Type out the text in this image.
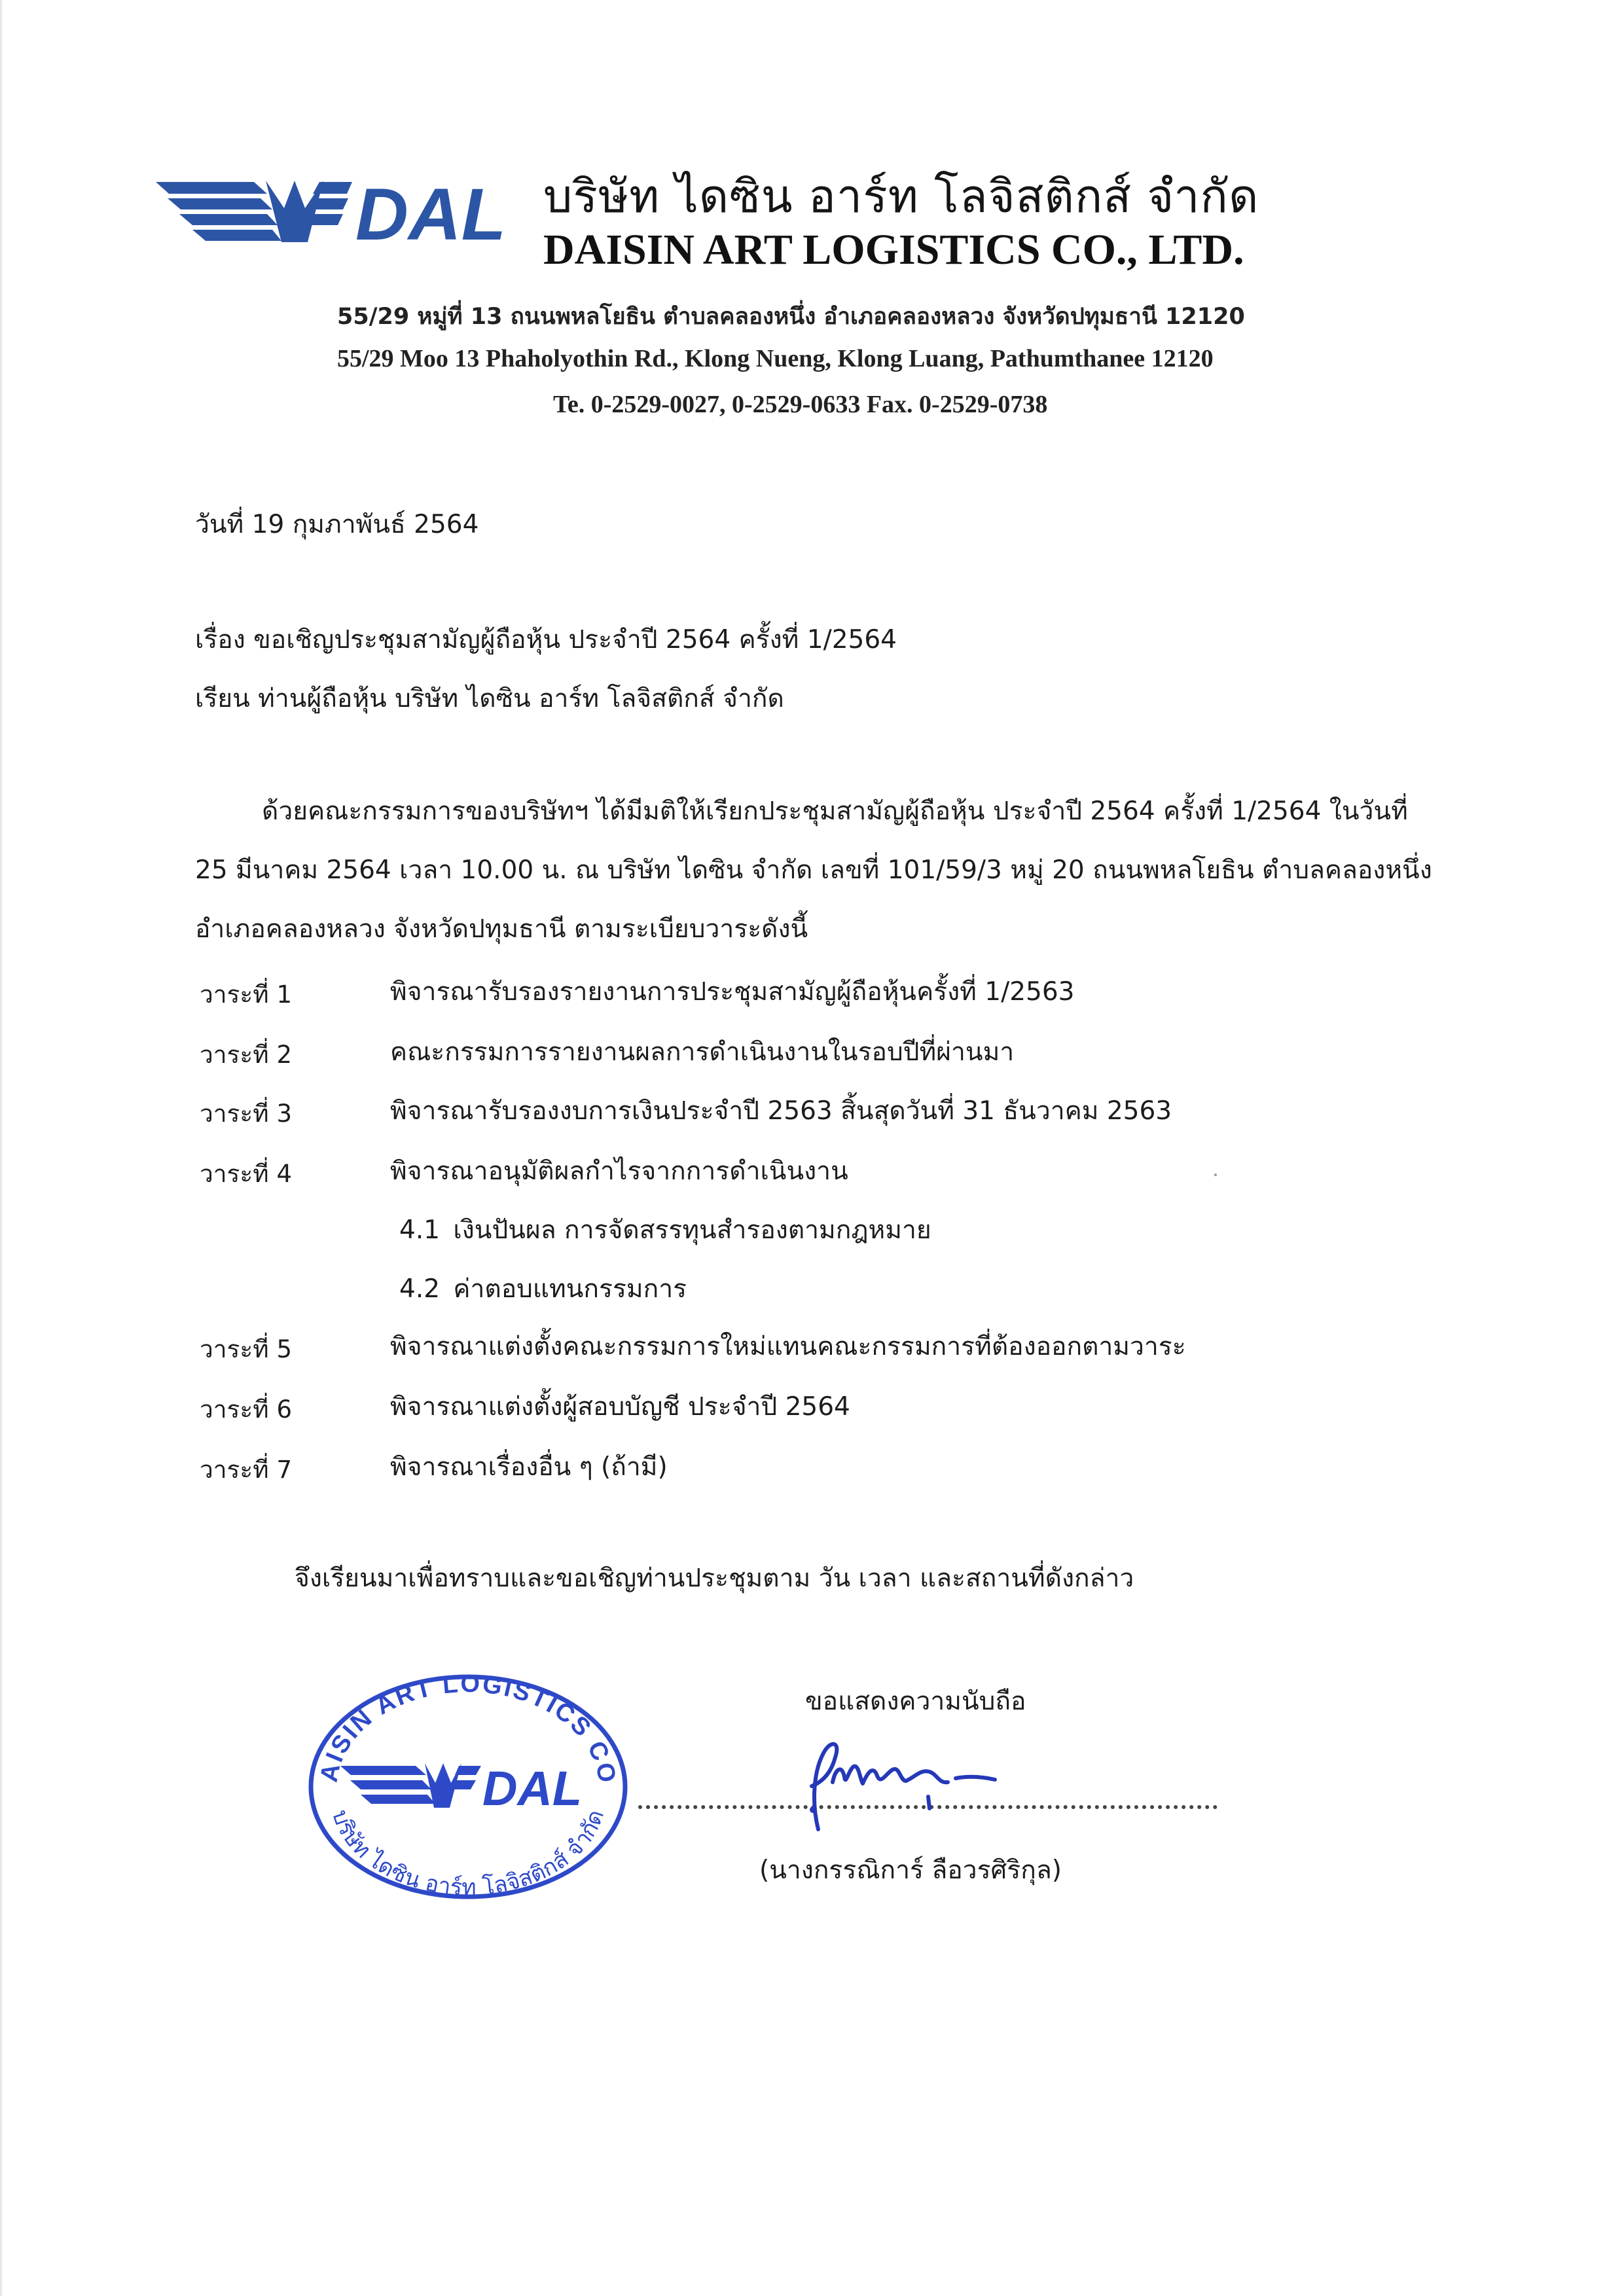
DAL บริษัท ไดซิน อาร์ท โลจิสติกส์ จำกัด
DAISIN ART LOGISTICS CO., LTD.
55/29 หมู่ที่ 13 ถนนพหลโยธิน ตำบลคลองหนึ่ง อำเภอคลองหลวง จังหวัดปทุมธานี 12120
55/29 Moo 13 Phaholyothin Rd., Klong Nueng, Klong Luang, Pathumthanee 12120
Te. 0-2529-0027, 0-2529-0633 Fax. 0-2529-0738
วันที่ 19 กุมภาพันธ์ 2564
เรื่อง ขอเชิญประชุมสามัญผู้ถือหุ้น ประจำปี 2564 ครั้งที่ 1/2564
เรียน ท่านผู้ถือหุ้น บริษัท ไดซิน อาร์ท โลจิสติกส์ จำกัด
ด้วยคณะกรรมการของบริษัทฯ ได้มีมติให้เรียกประชุมสามัญผู้ถือหุ้น ประจำปี 2564 ครั้งที่ 1/2564 ในวันที่
25 มีนาคม 2564 เวลา 10.00 น. ณ บริษัท ไดซิน จำกัด เลขที่ 101/59/3 หมู่ 20 ถนนพหลโยธิน ตำบลคลองหนึ่ง
อำเภอคลองหลวง จังหวัดปทุมธานี ตามระเบียบวาระดังนี้
วาระที่ 1	พิจารณารับรองรายงานการประชุมสามัญผู้ถือหุ้นครั้งที่ 1/2563
วาระที่ 2	คณะกรรมการรายงานผลการดำเนินงานในรอบปีที่ผ่านมา
วาระที่ 3	พิจารณารับรองงบการเงินประจำปี 2563 สิ้นสุดวันที่ 31 ธันวาคม 2563
วาระที่ 4	พิจารณาอนุมัติผลกำไรจากการดำเนินงาน
4.1 เงินปันผล การจัดสรรทุนสำรองตามกฎหมาย
4.2 ค่าตอบแทนกรรมการ
วาระที่ 5	พิจารณาแต่งตั้งคณะกรรมการใหม่แทนคณะกรรมการที่ต้องออกตามวาระ
วาระที่ 6	พิจารณาแต่งตั้งผู้สอบบัญชี ประจำปี 2564
วาระที่ 7	พิจารณาเรื่องอื่น ๆ (ถ้ามี)
จึงเรียนมาเพื่อทราบและขอเชิญท่านประชุมตาม วัน เวลา และสถานที่ดังกล่าว
ขอแสดงความนับถือ
(นางกรรณิการ์ ลือวรศิริกุล)
AISIN ART LOGISTICS CO
DAL
บริษัท ไดซิน อาร์ท โลจิสติกส์ จำกัด
